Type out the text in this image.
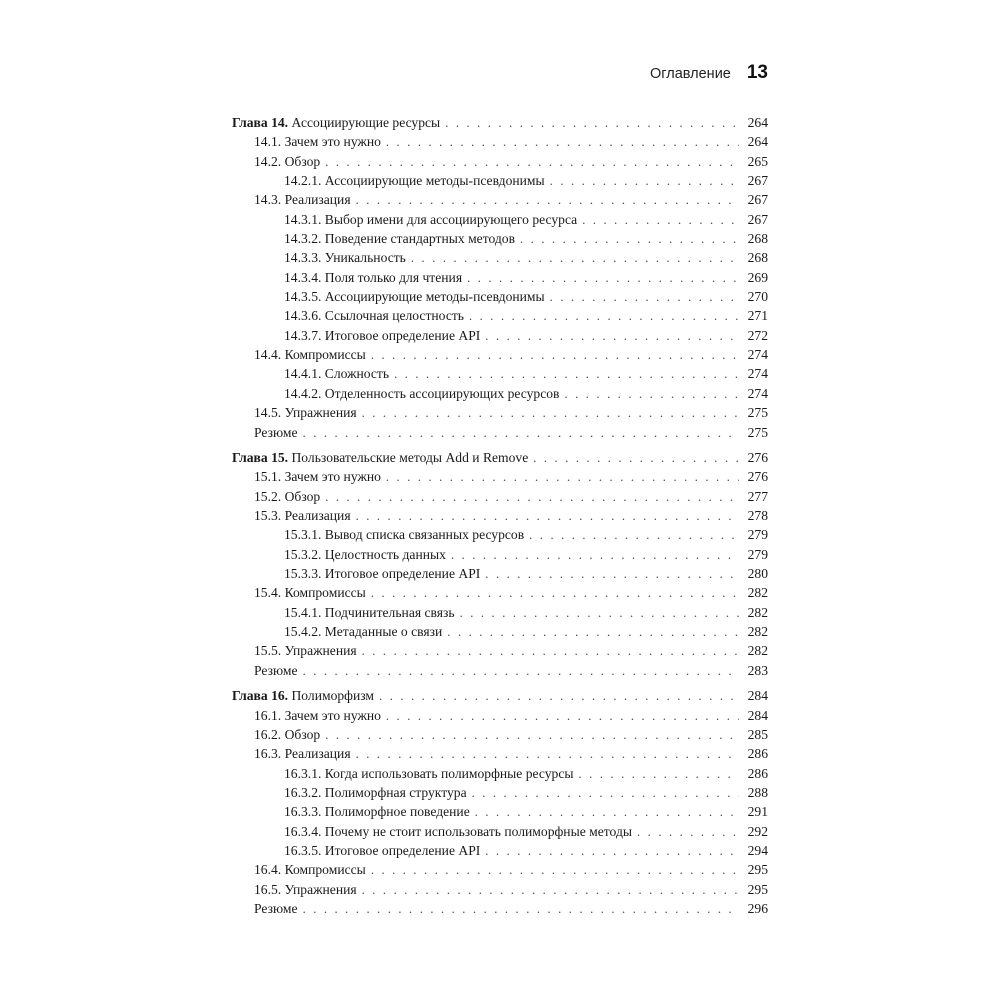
Оглавление 13
Глава 14. Ассоциирующие ресурсы . . .	264
14.1. Зачем это нужно . . .	264
14.2. Обзор . . .	265
14.2.1. Ассоциирующие методы-псевдонимы . . .	267
14.3. Реализация . . .	267
14.3.1. Выбор имени для ассоциирующего ресурса . . .	267
14.3.2. Поведение стандартных методов . . .	268
14.3.3. Уникальность . . .	268
14.3.4. Поля только для чтения . . .	269
14.3.5. Ассоциирующие методы-псевдонимы . . .	270
14.3.6. Ссылочная целостность . . .	271
14.3.7. Итоговое определение API . . .	272
14.4. Компромиссы . . .	274
14.4.1. Сложность . . .	274
14.4.2. Отделенность ассоциирующих ресурсов . . .	274
14.5. Упражнения . . .	275
Резюме . . .	275
Глава 15. Пользовательские методы Add и Remove . . .	276
15.1. Зачем это нужно . . .	276
15.2. Обзор . . .	277
15.3. Реализация . . .	278
15.3.1. Вывод списка связанных ресурсов . . .	279
15.3.2. Целостность данных . . .	279
15.3.3. Итоговое определение API . . .	280
15.4. Компромиссы . . .	282
15.4.1. Подчинительная связь . . .	282
15.4.2. Метаданные о связи . . .	282
15.5. Упражнения . . .	282
Резюме . . .	283
Глава 16. Полиморфизм . . .	284
16.1. Зачем это нужно . . .	284
16.2. Обзор . . .	285
16.3. Реализация . . .	286
16.3.1. Когда использовать полиморфные ресурсы . . .	286
16.3.2. Полиморфная структура . . .	288
16.3.3. Полиморфное поведение . . .	291
16.3.4. Почему не стоит использовать полиморфные методы . . .	292
16.3.5. Итоговое определение API . . .	294
16.4. Компромиссы . . .	295
16.5. Упражнения . . .	295
Резюме . . .	296
